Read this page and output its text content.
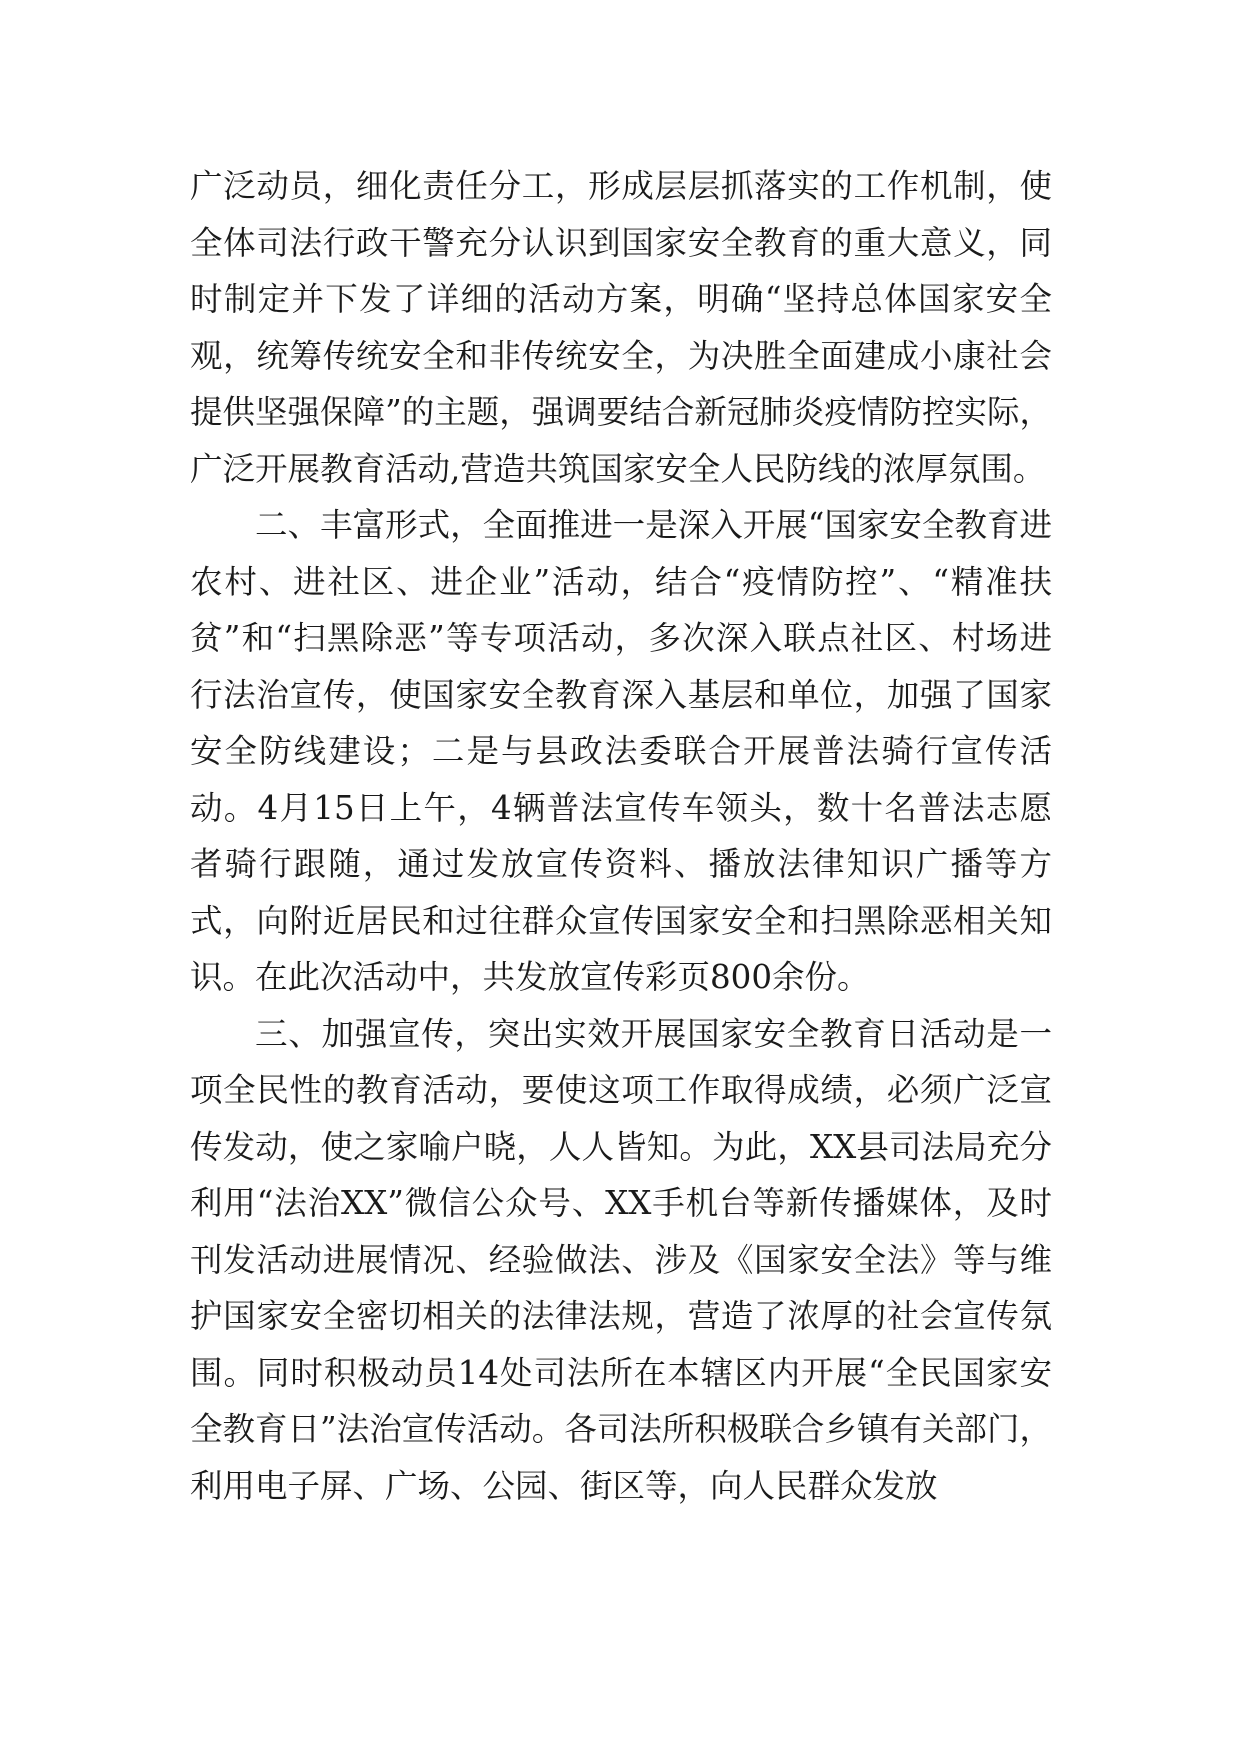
广泛动员，细化责任分工，形成层层抓落实的工作机制，使全体司法行政干警充分认识到国家安全教育的重大意义，同时制定并下发了详细的活动方案，明确“坚持总体国家安全观，统筹传统安全和非传统安全，为决胜全面建成小康社会提供坚强保障”的主题，强调要结合新冠肺炎疫情防控实际，广泛开展教育活动,营造共筑国家安全人民防线的浓厚氛围。

二、丰富形式，全面推进一是深入开展“国家安全教育进农村、进社区、进企业”活动，结合“疫情防控”、“精准扶贫”和“扫黑除恶”等专项活动，多次深入联点社区、村场进行法治宣传，使国家安全教育深入基层和单位，加强了国家安全防线建设；二是与县政法委联合开展普法骑行宣传活动。4月15日上午，4辆普法宣传车领头，数十名普法志愿者骑行跟随，通过发放宣传资料、播放法律知识广播等方式，向附近居民和过往群众宣传国家安全和扫黑除恶相关知识。在此次活动中，共发放宣传彩页800余份。

三、加强宣传，突出实效开展国家安全教育日活动是一项全民性的教育活动，要使这项工作取得成绩，必须广泛宣传发动，使之家喻户晓，人人皆知。为此，XX县司法局充分利用“法治XX”微信公众号、XX手机台等新传播媒体，及时刊发活动进展情况、经验做法、涉及《国家安全法》等与维护国家安全密切相关的法律法规，营造了浓厚的社会宣传氛围。同时积极动员14处司法所在本辖区内开展“全民国家安全教育日”法治宣传活动。各司法所积极联合乡镇有关部门，利用电子屏、广场、公园、街区等，向人民群众发放
